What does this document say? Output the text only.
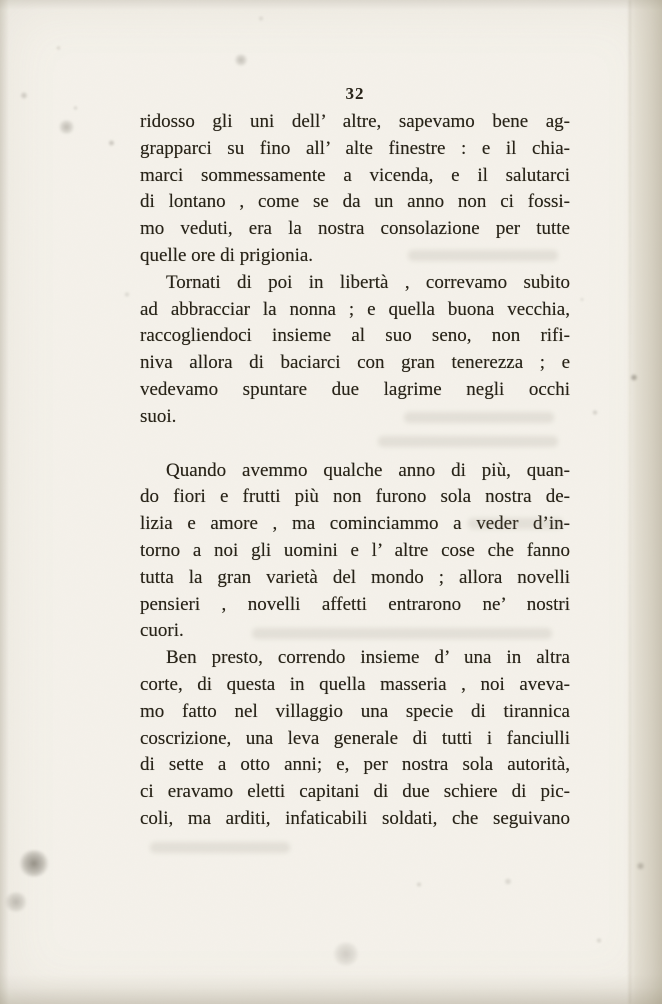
32
ridosso gli uni dell’ altre, sapevamo bene ag-
grapparci su fino all’ alte finestre : e il chia-
marci sommessamente a vicenda, e il salutarci
di lontano , come se da un anno non ci fossi-
mo veduti, era la nostra consolazione per tutte
quelle ore di prigionia.
Tornati di poi in libertà , correvamo subito
ad abbracciar la nonna ; e quella buona vecchia,
raccogliendoci insieme al suo seno, non rifi-
niva allora di baciarci con gran tenerezza ; e
vedevamo spuntare due lagrime negli occhi
suoi.
Quando avemmo qualche anno di più, quan-
do fiori e frutti più non furono sola nostra de-
lizia e amore , ma cominciammo a veder d’in-
torno a noi gli uomini e l’ altre cose che fanno
tutta la gran varietà del mondo ; allora novelli
pensieri , novelli affetti entrarono ne’ nostri
cuori.
Ben presto, correndo insieme d’ una in altra
corte, di questa in quella masseria , noi aveva-
mo fatto nel villaggio una specie di tirannica
coscrizione, una leva generale di tutti i fanciulli
di sette a otto anni; e, per nostra sola autorità,
ci eravamo eletti capitani di due schiere di pic-
coli, ma arditi, infaticabili soldati, che seguivano
